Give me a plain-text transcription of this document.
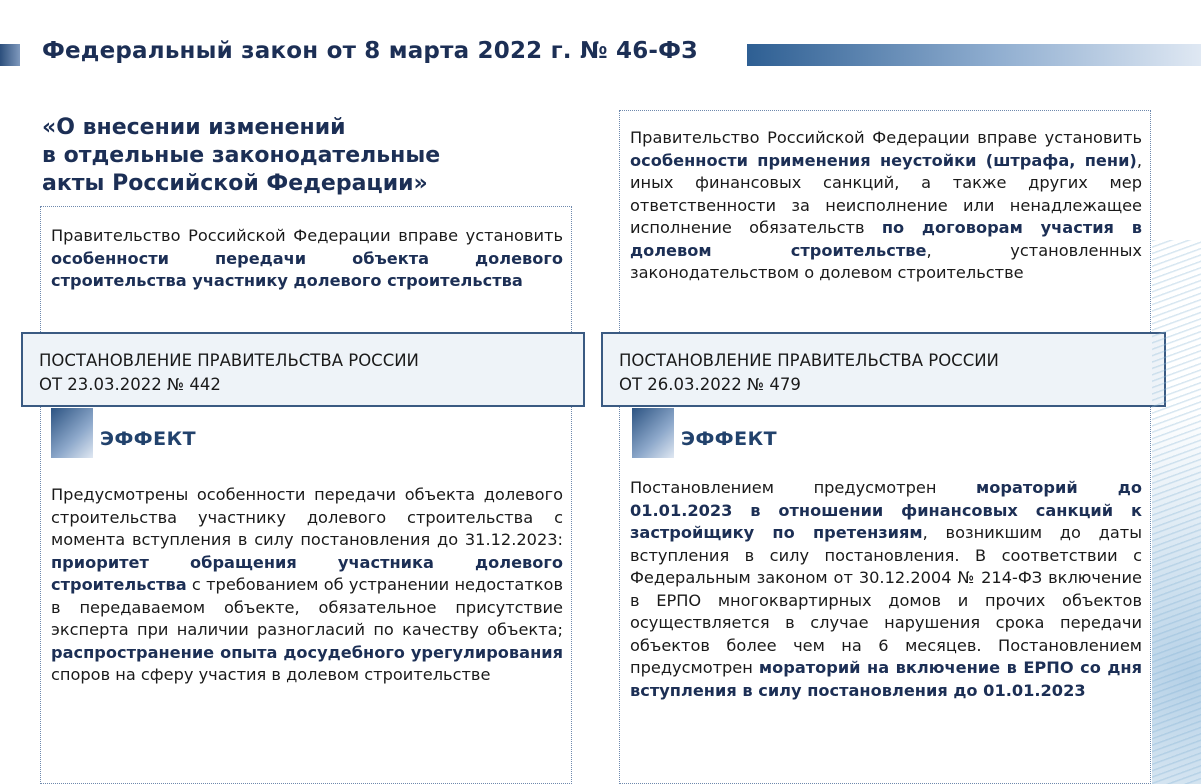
Федеральный закон от 8 марта 2022 г. № 46-ФЗ
«О внесении изменений
в отдельные законодательные
акты Российской Федерации»
Правительство Российской Федерации вправе установить особенности передачи объекта долевого строительства участнику долевого строительства
Правительство Российской Федерации вправе установить особенности применения неустойки (штрафа, пени), иных финансовых санкций, а также других мер ответственности за неисполнение или ненадлежащее исполнение обязательств по договорам участия в долевом строительстве, установленных законодательством о долевом строительстве
ПОСТАНОВЛЕНИЕ ПРАВИТЕЛЬСТВА РОССИИ
ОТ 23.03.2022 № 442
ПОСТАНОВЛЕНИЕ ПРАВИТЕЛЬСТВА РОССИИ
ОТ 26.03.2022 № 479
ЭФФЕКТ	ЭФФЕКТ
Предусмотрены особенности передачи объекта долевого строительства участнику долевого строительства с момента вступления в силу постановления до 31.12.2023: приоритет обращения участника долевого строительства с требованием об устранении недостатков в передаваемом объекте, обязательное присутствие эксперта при наличии разногласий по качеству объекта; распространение опыта досудебного урегулирования споров на сферу участия в долевом строительстве
Постановлением предусмотрен мораторий до 01.01.2023 в отношении финансовых санкций к застройщику по претензиям, возникшим до даты вступления в силу постановления. В соответствии с Федеральным законом от 30.12.2004 № 214-ФЗ включение в ЕРПО многоквартирных домов и прочих объектов осуществляется в случае нарушения срока передачи объектов более чем на 6 месяцев. Постановлением предусмотрен мораторий на включение в ЕРПО со дня вступления в силу постановления до 01.01.2023
